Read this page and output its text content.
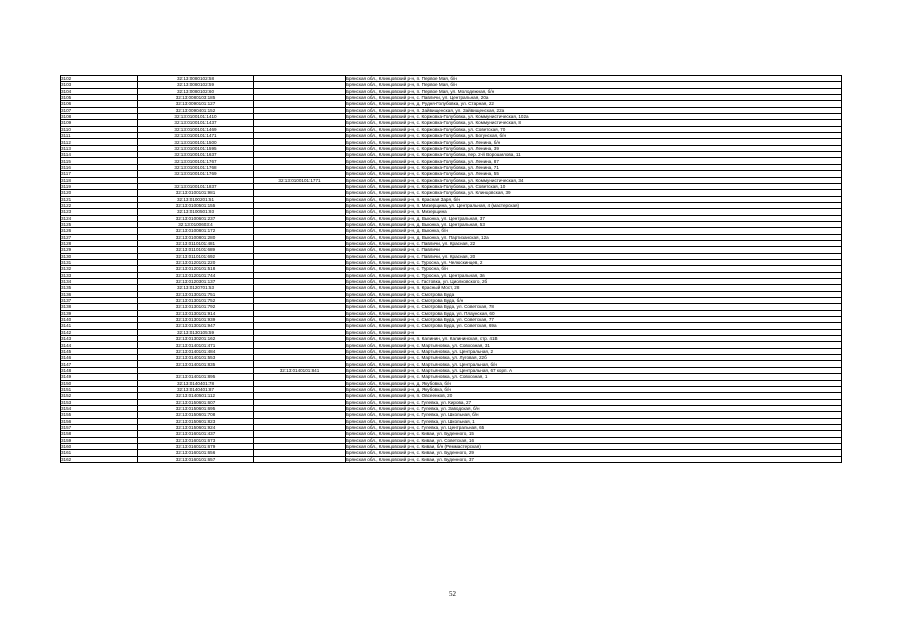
3102	32:13:0080102:58		Брянская обл., Клинцовский р-н, п. Первое Мая, б/н
3103	32:13:0080102:59		Брянская обл., Клинцовский р-н, п. Первое Мая, б/н
3104	32:13:0080102:60		Брянская обл., Клинцовский р-н, п. Первое Мая, ул. Молодежная, б/н
3105	32:13:0080103:185		Брянская обл., Клинцовский р-н, с. Павличи, ул. Центральная, 20а
3106	32:13:0090101:127		Брянская обл., Клинцовский р-н, д. Рудня-Голубовка, ул. Старная, 22
3107	32:13:0090401:152		Брянская обл., Клинцовский р-н, п. Зайвищенская, ул. Зайвищенская, 22а
3108	32:13:0100101:1410		Брянская обл., Клинцовский р-н, с. Коржовка-Голубовка, ул. Коммунистическая, 102а
3109	32:13:0100101:1437		Брянская обл., Клинцовский р-н, с. Коржовка-Голубовка, ул. Коммунистическая, 8
3110	32:13:0100101:1469		Брянская обл., Клинцовский р-н, с. Коржовка-Голубовка, ул. Советская, 70
3111	32:13:0100101:1471		Брянская обл., Клинцовский р-н, с. Коржовка-Голубовка, ул. Богунская, б/н
3112	32:13:0100101:1500		Брянская обл., Клинцовский р-н, с. Коржовка-Голубовка, ул. Ленина, б/н
3113	32:13:0100101:1595		Брянская обл., Клинцовский р-н, с. Коржовка-Голубовка, ул. Ленина, 39
3114	32:13:0100101:1637		Брянская обл., Клинцовский р-н, с. Коржовка-Голубовка, пер. 2-й Ворошилова, 11
3115	32:13:0100101:1767		Брянская обл., Клинцовский р-н, с. Коржовка-Голубовка, ул. Ленина, 87
3116	32:13:0100101:1768		Брянская обл., Клинцовский р-н, с. Коржовка-Голубовка, ул. Ленина, 71
3117	32:13:0100101:1769		Брянская обл., Клинцовский р-н, с. Коржовка-Голубовка, ул. Ленина, 55
3118		32:13:0100101:1771	Брянская обл., Клинцовский р-н, с. Коржовка-Голубовка, ул. Коммунистическая, 34
3119	32:13:0100101:1837		Брянская обл., Клинцовский р-н, с. Коржовка-Голубовка, ул. Советская, 10
3120	32:13:0100101:981		Брянская обл., Клинцовский р-н, с. Коржовка-Голубовка, ул. Клинцовская, 39
3121	32:13:0100201:51		Брянская обл., Клинцовский р-н, п. Красная Заря, б/н
3122	32:13:0100501:155		Брянская обл., Клинцовский р-н, п. Мизерщина, ул. Центральная, 4 (мастерская)
3123	32:13:0100501:93		Брянская обл., Клинцовский р-н, п. Мизерщина
3124	32:13:0100601:237		Брянская обл., Клинцовский р-н, д. Выюнка, ул. Центральная, 37
3125	32:13:0100603:4		Брянская обл., Клинцовский р-н, д. Выюнка, ул. Центральная, 53
3126	32:13:0100801:172		Брянская обл., Клинцовский р-н, д. Выюнка, б/н
3127	32:13:0100801:280		Брянская обл., Клинцовский р-н, д. Выюнка, ул. Партизанская, 12а
3128	32:13:0110101:481		Брянская обл., Клинцовский р-н, с. Павличи, ул. Красная, 22
3129	32:13:0110101:689		Брянская обл., Клинцовский р-н, с. Павличи
3130	32:13:0110101:692		Брянская обл., Клинцовский р-н, с. Павличи, ул. Красная, 20
3131	32:13:0120101:220		Брянская обл., Клинцовский р-н, с. Туросна, ул. Челюскинцев, 2
3132	32:13:0120101:518		Брянская обл., Клинцовский р-н, с. Туросна, б/н
3133	32:13:0120101:744		Брянская обл., Клинцовский р-н, с. Туросна, ул. Центральная, 3в
3134	32:13:0120301:137		Брянская обл., Клинцовский р-н, с. Гастовка, ул. Циолковского, 2б
3135	32:13:0120701:53		Брянская обл., Клинцовский р-н, п. Красный Мост, 28
3136	32:13:0130101:751		Брянская обл., Клинцовский р-н, с. Смотрова Буда
3137	32:13:0130101:752		Брянская обл., Клинцовский р-н, с. Смотрова Буда, б/н
3138	32:13:0130101:792		Брянская обл., Клинцовский р-н, с. Смотрова Буда, ул. Советская, 78
3139	32:13:0130101:914		Брянская обл., Клинцовский р-н, с. Смотрова Буда, ул. Плаунская, 60
3140	32:13:0130101:939		Брянская обл., Клинцовский р-н, с. Смотрова Буда, ул. Советская, 77
3141	32:13:0130101:947		Брянская обл., Клинцовский р-н, с. Смотрова Буда, ул. Советская, 69а
3142	32:13:0130105:59		Брянская обл., Клинцовский р-н
3143	32:13:0130201:162		Брянская обл., Клинцовский р-н, п. Калинин, ул. Калининская, стр. 41В
3144	32:13:0140101:471		Брянская обл., Клинцовский р-н, с. Мартьяновка, ул. Совхозная, 31
3145	32:13:0140101:484		Брянская обл., Клинцовский р-н, с. Мартьяновка, ул. Центральная, 2
3146	32:13:0140101:553		Брянская обл., Клинцовский р-н, с. Мартьяновка, ул. Луговая, 22б
3147	32:13:0140101:835		Брянская обл., Клинцовский р-н, с. Мартьяновка, ул. Центральная, б/н
3148		32:13:0140101:841	Брянская обл., Клинцовский р-н, с. Мартьяновка, ул. Центральная, 67 корп. А
3149	32:13:0140101:895		Брянская обл., Клинцовский р-н, с. Мартьяновка, ул. Совхозная, 1
3150	32:13:0140401:78		Брянская обл., Клинцовский р-н, д. Якубовка, б/н
3151	32:13:0140401:87		Брянская обл., Клинцовский р-н, д. Якубовка, б/н
3152	32:13:0140501:112		Брянская обл., Клинцовский р-н, п. Овсеенков, 20
3153	32:13:0150601:607		Брянская обл., Клинцовский р-н, с. Гулевка, ул. Кирова, 27
3154	32:13:0150601:695		Брянская обл., Клинцовский р-н, с. Гулевка, ул. Заводская, б/н
3155	32:13:0150601:708		Брянская обл., Клинцовский р-н, с. Гулевка, ул. Школьная, б/н
3156	32:13:0150601:823		Брянская обл., Клинцовский р-н, с. Гулевка, ул. Школьная, 1
3157	32:13:0150601:924		Брянская обл., Клинцовский р-н, с. Гулевка, ул. Центральная, 65
3158	32:13:0160101:437		Брянская обл., Клинцовский р-н, с. Киваи, ул. Буденного, 15
3159	32:13:0160101:673		Брянская обл., Клинцовский р-н, с. Киваи, ул. Советская, 16
3160	32:13:0160101:679		Брянская обл., Клинцовский р-н, с. Киваи, б/н (Реммастерская)
3161	32:13:0160101:656		Брянская обл., Клинцовский р-н, с. Киваи, ул. Буденного, 29
3162	32:13:0160101:657		Брянская обл., Клинцовский р-н, с. Киваи, ул. Буденного, 37
52
